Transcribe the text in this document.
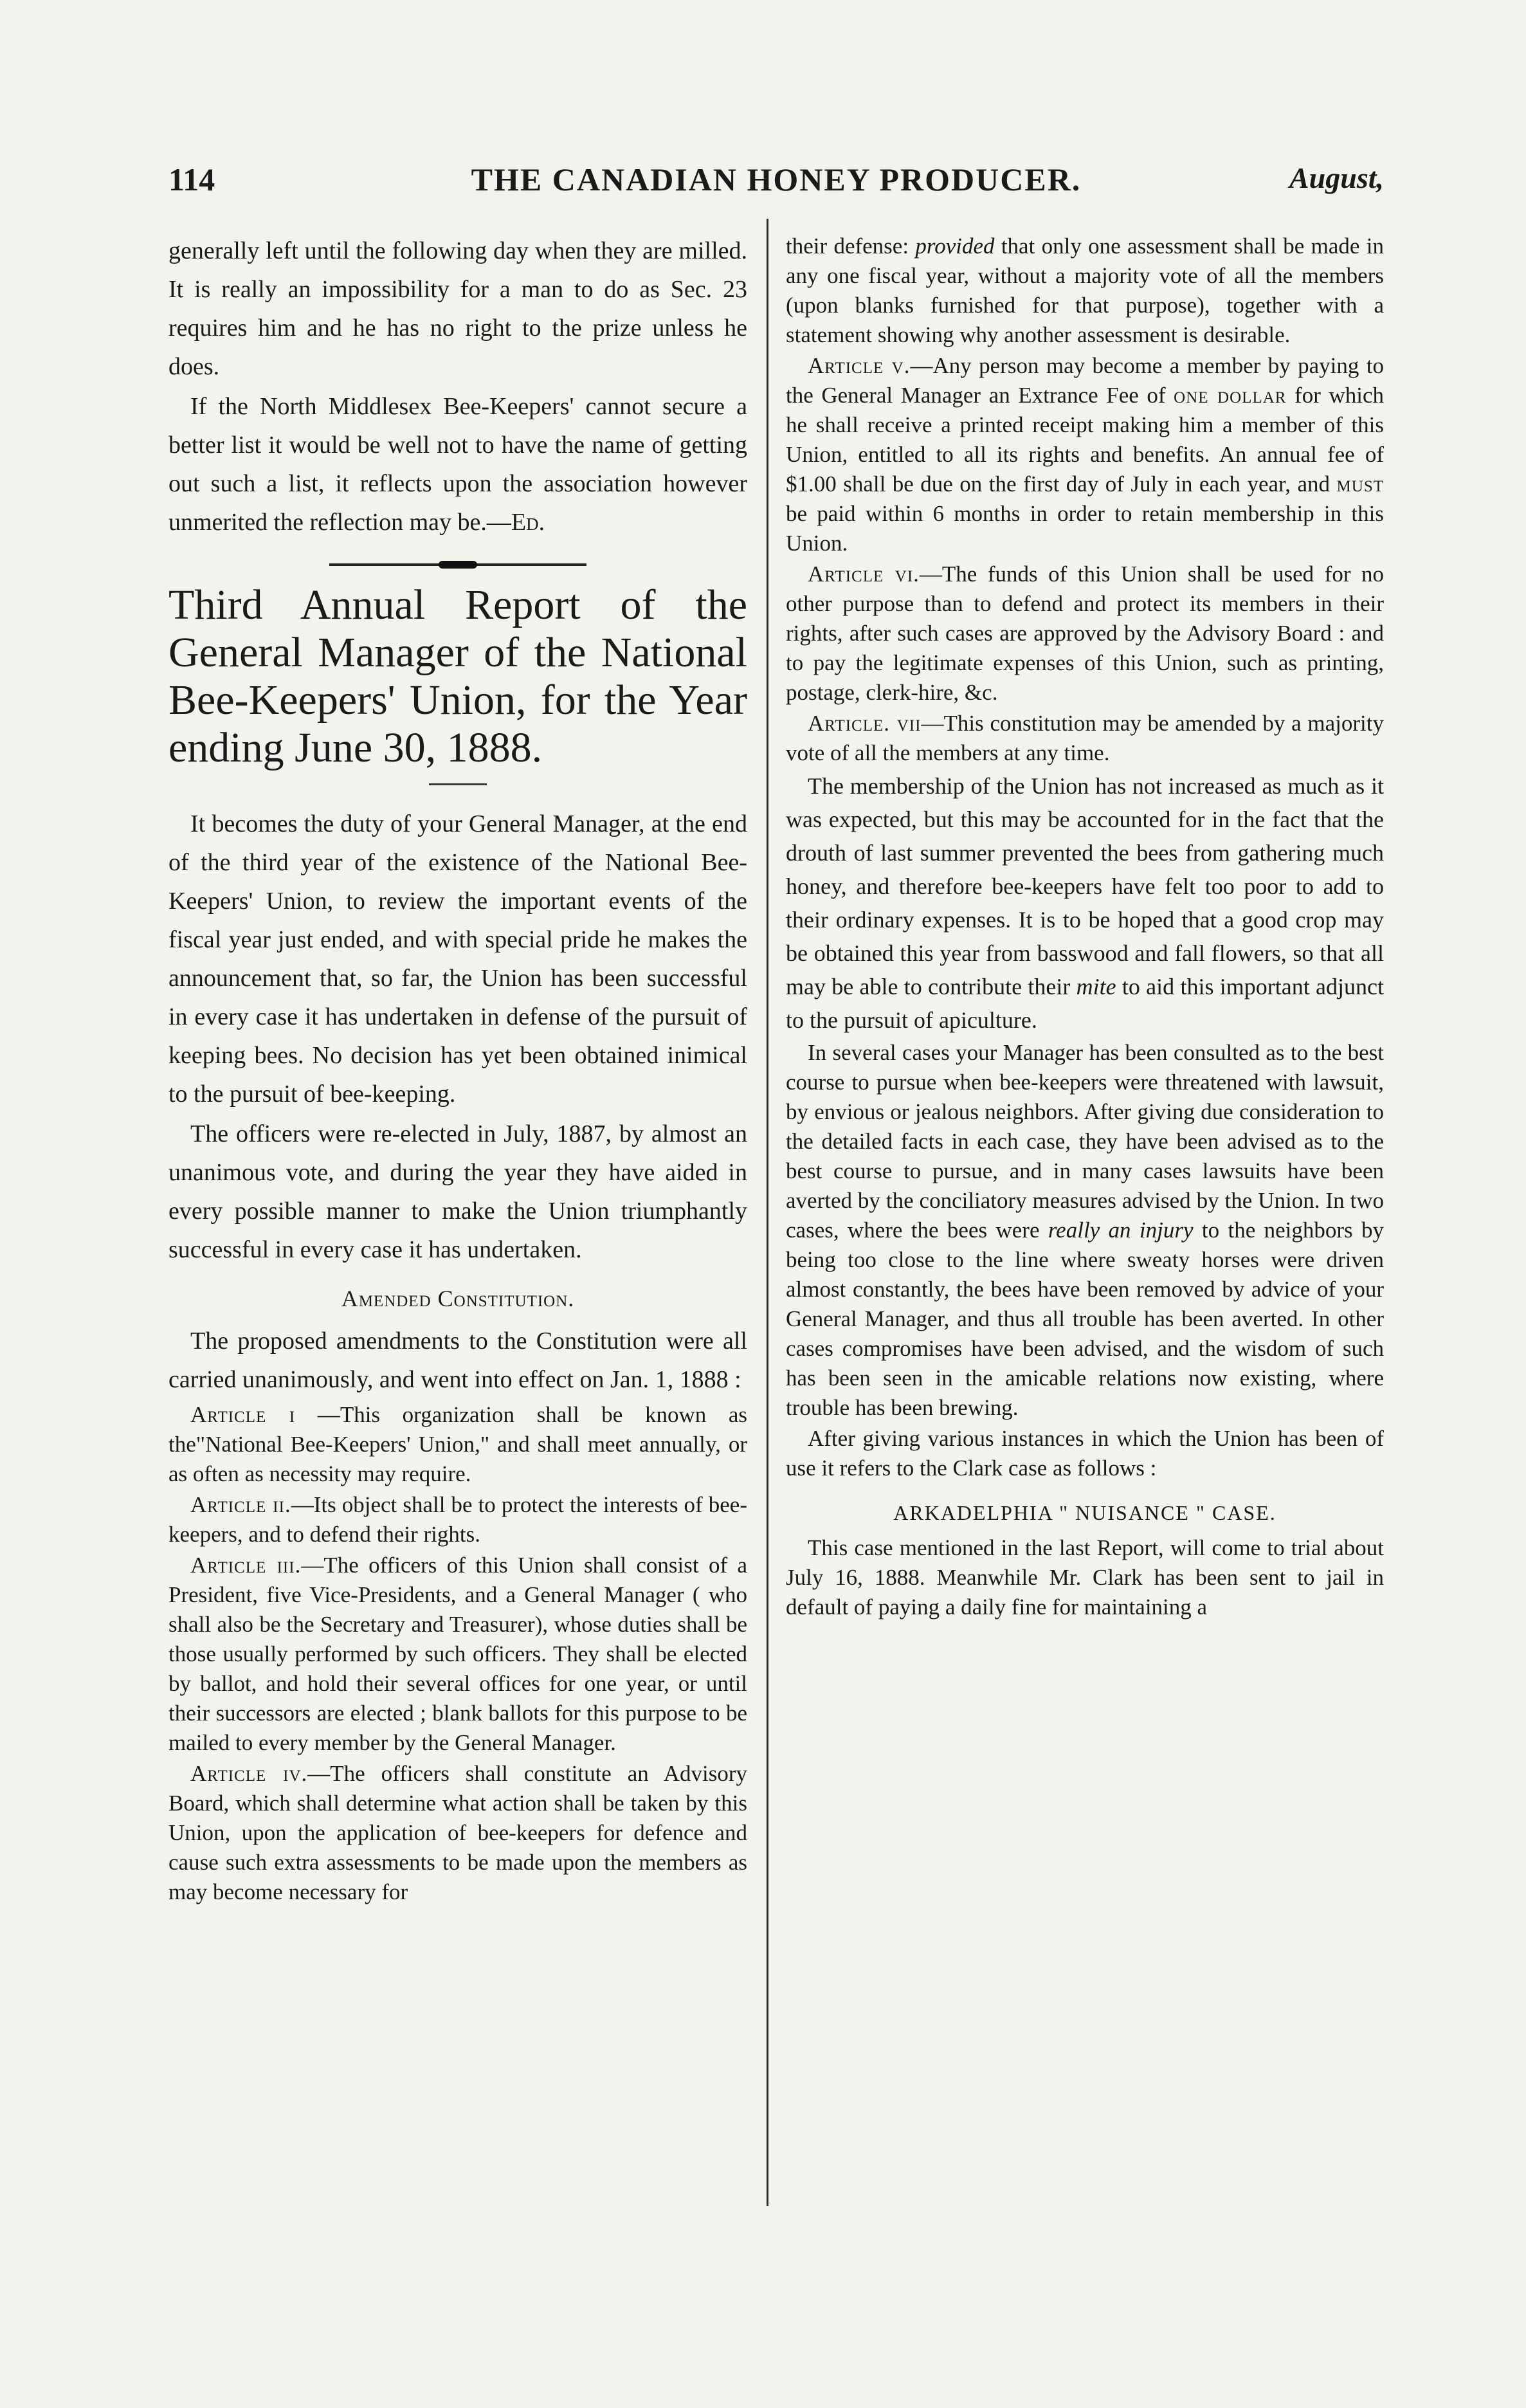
114	THE CANADIAN HONEY PRODUCER.	August,

generally left until the following day when they are milled. It is really an impossibility for a man to do as Sec. 23 requires him and he has no right to the prize unless he does.

If the North Middlesex Bee-Keepers' cannot secure a better list it would be well not to have the name of getting out such a list, it reflects upon the association however unmerited the reflection may be.—Ed.

Third Annual Report of the General Manager of the National Bee-Keepers' Union, for the Year ending June 30, 1888.

It becomes the duty of your General Manager, at the end of the third year of the existence of the National Bee-Keepers' Union, to review the important events of the fiscal year just ended, and with special pride he makes the announcement that, so far, the Union has been successful in every case it has undertaken in defense of the pursuit of keeping bees. No decision has yet been obtained inimical to the pursuit of bee-keeping.

The officers were re-elected in July, 1887, by almost an unanimous vote, and during the year they have aided in every possible manner to make the Union triumphantly successful in every case it has undertaken.

Amended Constitution.

The proposed amendments to the Constitution were all carried unanimously, and went into effect on Jan. 1, 1888 :

Article i —This organization shall be known as the"National Bee-Keepers' Union," and shall meet annually, or as often as necessity may require.

Article ii.—Its object shall be to protect the interests of bee-keepers, and to defend their rights.

Article iii.—The officers of this Union shall consist of a President, five Vice-Presidents, and a General Manager ( who shall also be the Secretary and Treasurer), whose duties shall be those usually performed by such officers. They shall be elected by ballot, and hold their several offices for one year, or until their successors are elected ; blank ballots for this purpose to be mailed to every member by the General Manager.

Article iv.—The officers shall constitute an Advisory Board, which shall determine what action shall be taken by this Union, upon the application of bee-keepers for defence and cause such extra assessments to be made upon the members as may become necessary for

their defense: provided that only one assessment shall be made in any one fiscal year, without a majority vote of all the members (upon blanks furnished for that purpose), together with a statement showing why another assessment is desirable.

Article v.—Any person may become a member by paying to the General Manager an Extrance Fee of one dollar for which he shall receive a printed receipt making him a member of this Union, entitled to all its rights and benefits. An annual fee of $1.00 shall be due on the first day of July in each year, and must be paid within 6 months in order to retain membership in this Union.

Article vi.—The funds of this Union shall be used for no other purpose than to defend and protect its members in their rights, after such cases are approved by the Advisory Board : and to pay the legitimate expenses of this Union, such as printing, postage, clerk-hire, &c.

Article. vii—This constitution may be amended by a majority vote of all the members at any time.

The membership of the Union has not increased as much as it was expected, but this may be accounted for in the fact that the drouth of last summer prevented the bees from gathering much honey, and therefore bee-keepers have felt too poor to add to their ordinary expenses. It is to be hoped that a good crop may be obtained this year from basswood and fall flowers, so that all may be able to contribute their mite to aid this important adjunct to the pursuit of apiculture.

In several cases your Manager has been consulted as to the best course to pursue when bee-keepers were threatened with lawsuit, by envious or jealous neighbors. After giving due consideration to the detailed facts in each case, they have been advised as to the best course to pursue, and in many cases lawsuits have been averted by the conciliatory measures advised by the Union. In two cases, where the bees were really an injury to the neighbors by being too close to the line where sweaty horses were driven almost constantly, the bees have been removed by advice of your General Manager, and thus all trouble has been averted. In other cases compromises have been advised, and the wisdom of such has been seen in the amicable relations now existing, where trouble has been brewing.

After giving various instances in which the Union has been of use it refers to the Clark case as follows :

ARKADELPHIA " NUISANCE " CASE.

This case mentioned in the last Report, will come to trial about July 16, 1888. Meanwhile Mr. Clark has been sent to jail in default of paying a daily fine for maintaining a
